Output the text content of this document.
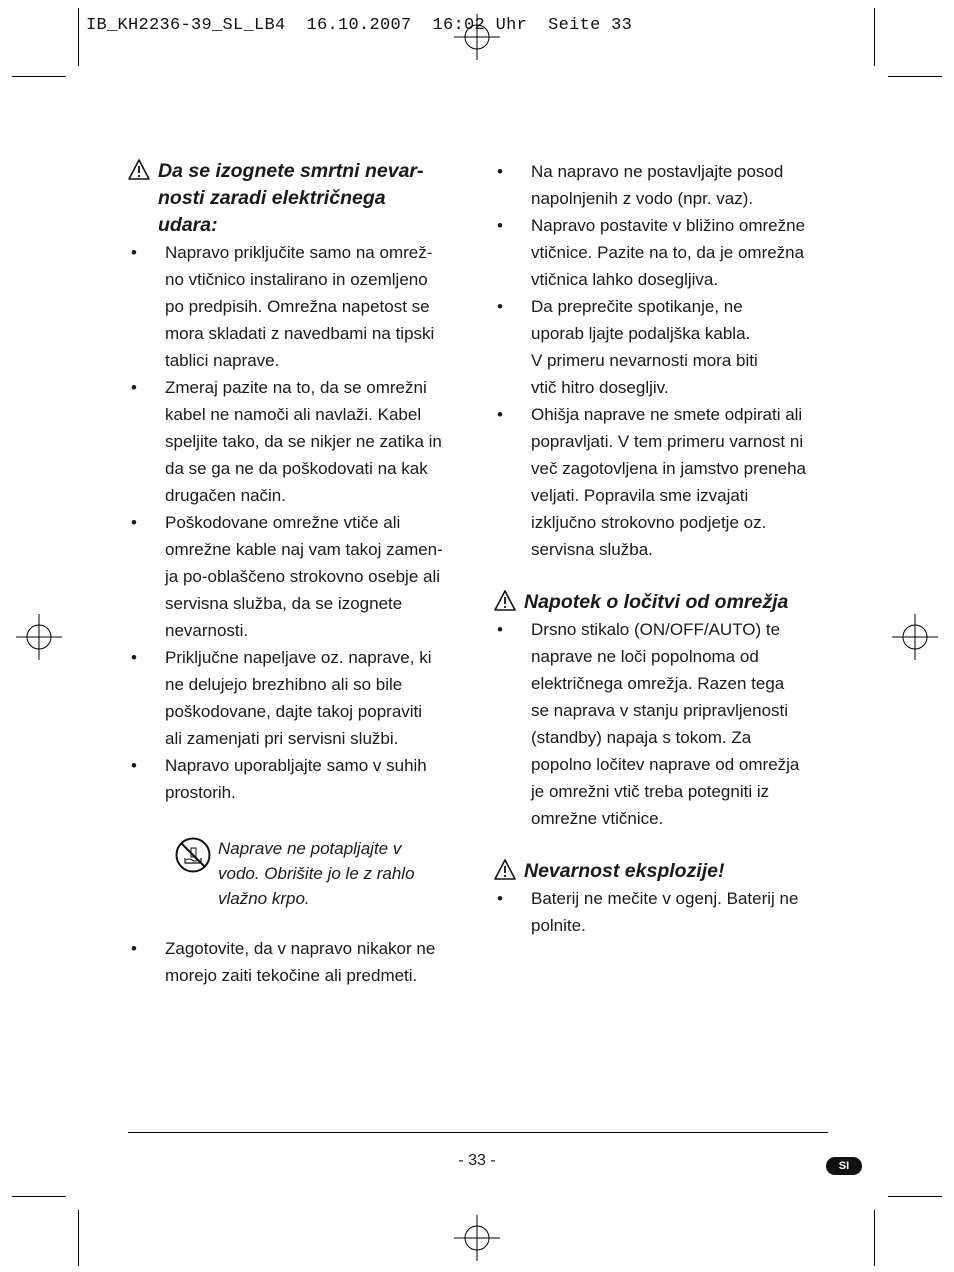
IB_KH2236-39_SL_LB4  16.10.2007  16:02 Uhr  Seite 33
Da se izognete smrtni nevar-
nosti zaradi električnega
udara:
• Napravo priključite samo na omrež-
no vtičnico instalirano in ozemljeno
po predpisih. Omrežna napetost se
mora skladati z navedbami na tipski
tablici naprave.
• Zmeraj pazite na to, da se omrežni
kabel ne namoči ali navlaži. Kabel
speljite tako, da se nikjer ne zatika in
da se ga ne da poškodovati na kak
drugačen način.
• Poškodovane omrežne vtiče ali
omrežne kable naj vam takoj zamen-
ja po-oblaščeno strokovno osebje ali
servisna služba, da se izognete
nevarnosti.
• Priključne napeljave oz. naprave, ki
ne delujejo brezhibno ali so bile
poškodovane, dajte takoj popraviti
ali zamenjati pri servisni službi.
• Napravo uporabljajte samo v suhih
prostorih.
Naprave ne potapljajte v
vodo. Obrišite jo le z rahlo
vlažno krpo.
• Zagotovite, da v napravo nikakor ne
morejo zaiti tekočine ali predmeti.
• Na napravo ne postavljajte posod
napolnjenih z vodo (npr. vaz).
• Napravo postavite v bližino omrežne
vtičnice. Pazite na to, da je omrežna
vtičnica lahko dosegljiva.
• Da preprečite spotikanje, ne
uporab ljajte podaljška kabla.
V primeru nevarnosti mora biti
vtič hitro dosegljiv.
• Ohišja naprave ne smete odpirati ali
popravljati. V tem primeru varnost ni
več zagotovljena in jamstvo preneha
veljati. Popravila sme izvajati
izključno strokovno podjetje oz.
servisna služba.
Napotek o ločitvi od omrežja
• Drsno stikalo (ON/OFF/AUTO) te
naprave ne loči popolnoma od
električnega omrežja. Razen tega
se naprava v stanju pripravljenosti
(standby) napaja s tokom. Za
popolno ločitev naprave od omrežja
je omrežni vtič treba potegniti iz
omrežne vtičnice.
Nevarnost eksplozije!
• Baterij ne mečite v ogenj. Baterij ne
polnite.
- 33 -	SI
